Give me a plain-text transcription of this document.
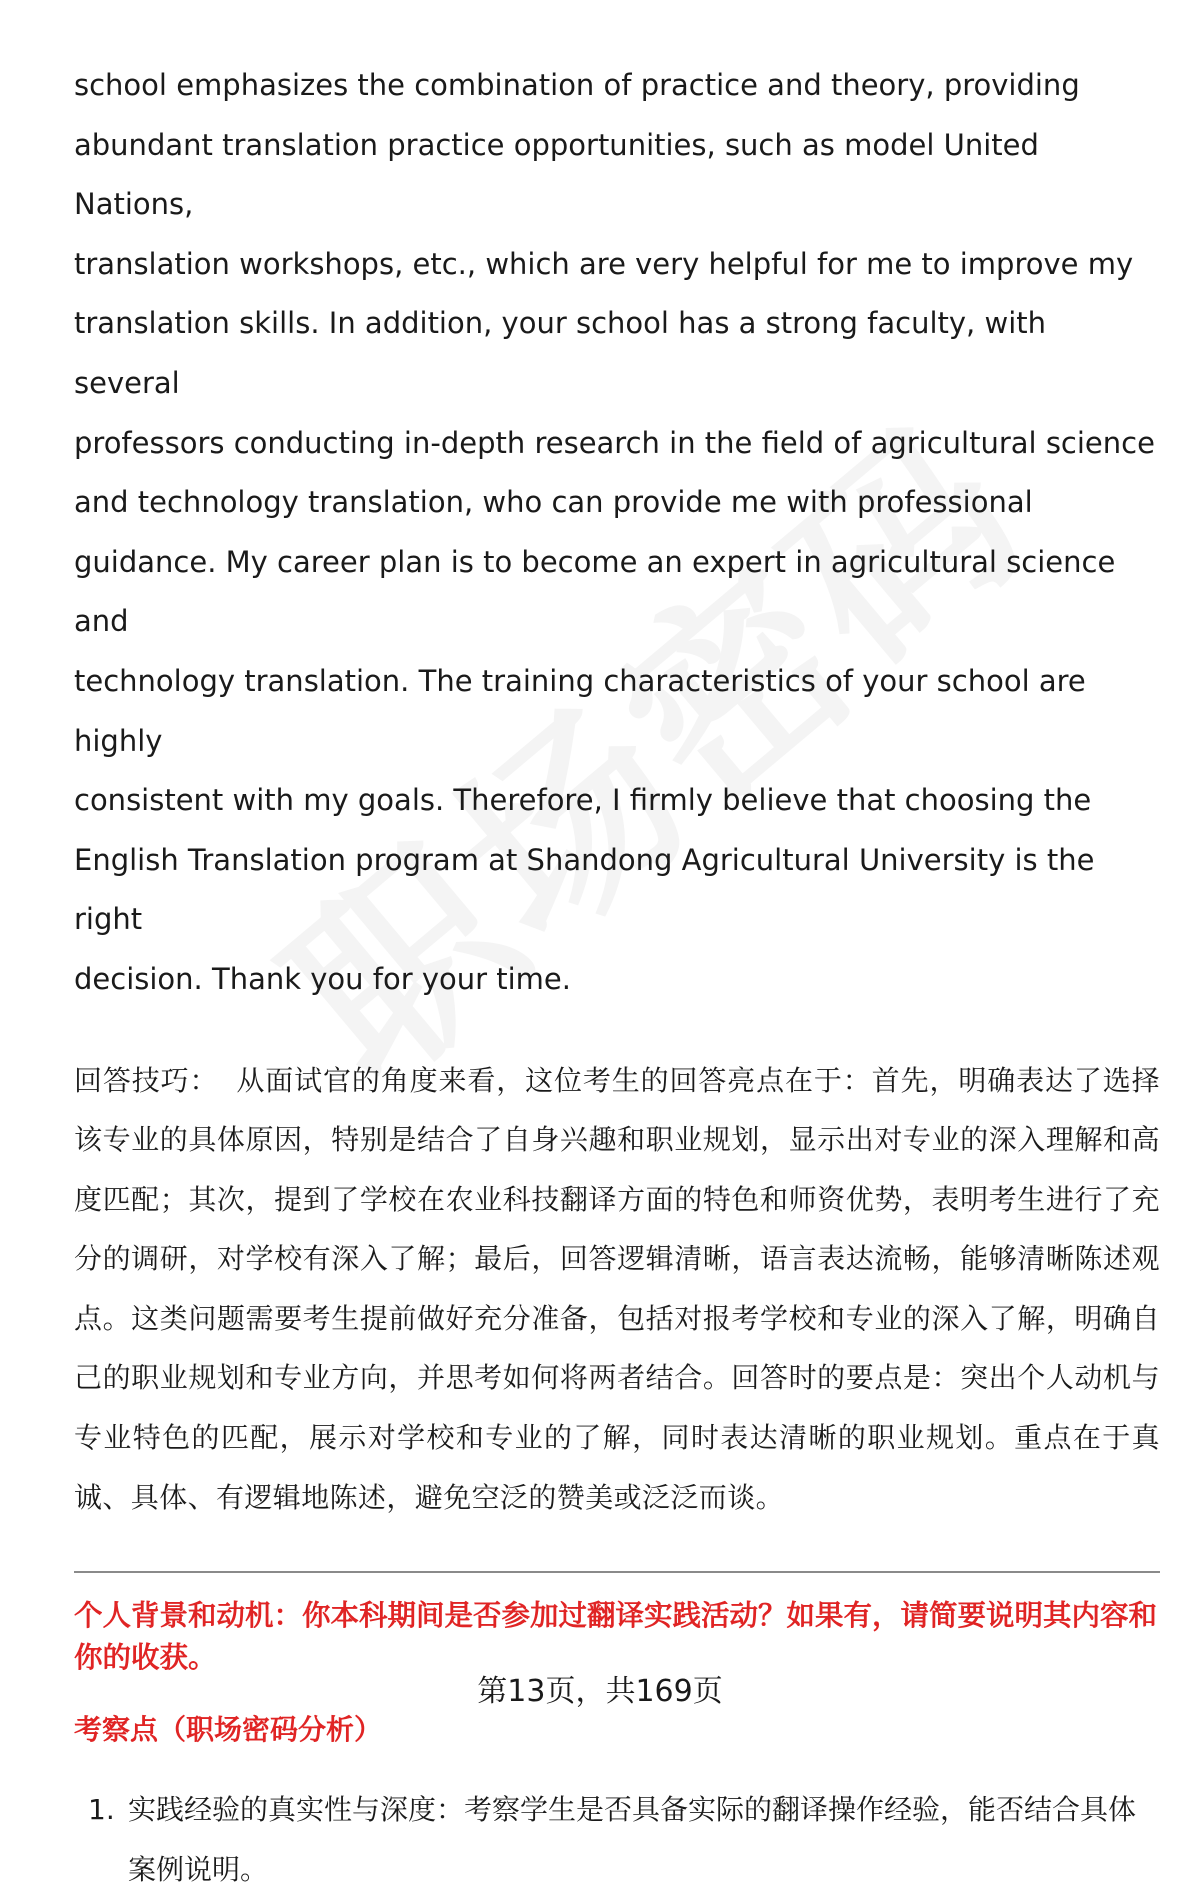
school emphasizes the combination of practice and theory, providing
abundant translation practice opportunities, such as model United Nations,
translation workshops, etc., which are very helpful for me to improve my
translation skills. In addition, your school has a strong faculty, with several
professors conducting in-depth research in the field of agricultural science
and technology translation, who can provide me with professional
guidance. My career plan is to become an expert in agricultural science and
technology translation. The training characteristics of your school are highly
consistent with my goals. Therefore, I firmly believe that choosing the
English Translation program at Shandong Agricultural University is the right
decision. Thank you for your time.

回答技巧： 从面试官的角度来看，这位考生的回答亮点在于：首先，明确表达了选择该专业的具体原因，特别是结合了自身兴趣和职业规划，显示出对专业的深入理解和高度匹配；其次，提到了学校在农业科技翻译方面的特色和师资优势，表明考生进行了充分的调研，对学校有深入了解；最后，回答逻辑清晰，语言表达流畅，能够清晰陈述观点。这类问题需要考生提前做好充分准备，包括对报考学校和专业的深入了解，明确自己的职业规划和专业方向，并思考如何将两者结合。回答时的要点是：突出个人动机与专业特色的匹配，展示对学校和专业的了解，同时表达清晰的职业规划。重点在于真诚、具体、有逻辑地陈述，避免空泛的赞美或泛泛而谈。

个人背景和动机：你本科期间是否参加过翻译实践活动？如果有，请简要说明其内容和你的收获。
考察点（职场密码分析）
1. 实践经验的真实性与深度：考察学生是否具备实际的翻译操作经验，能否结合具体案例说明。
第13页，共169页
